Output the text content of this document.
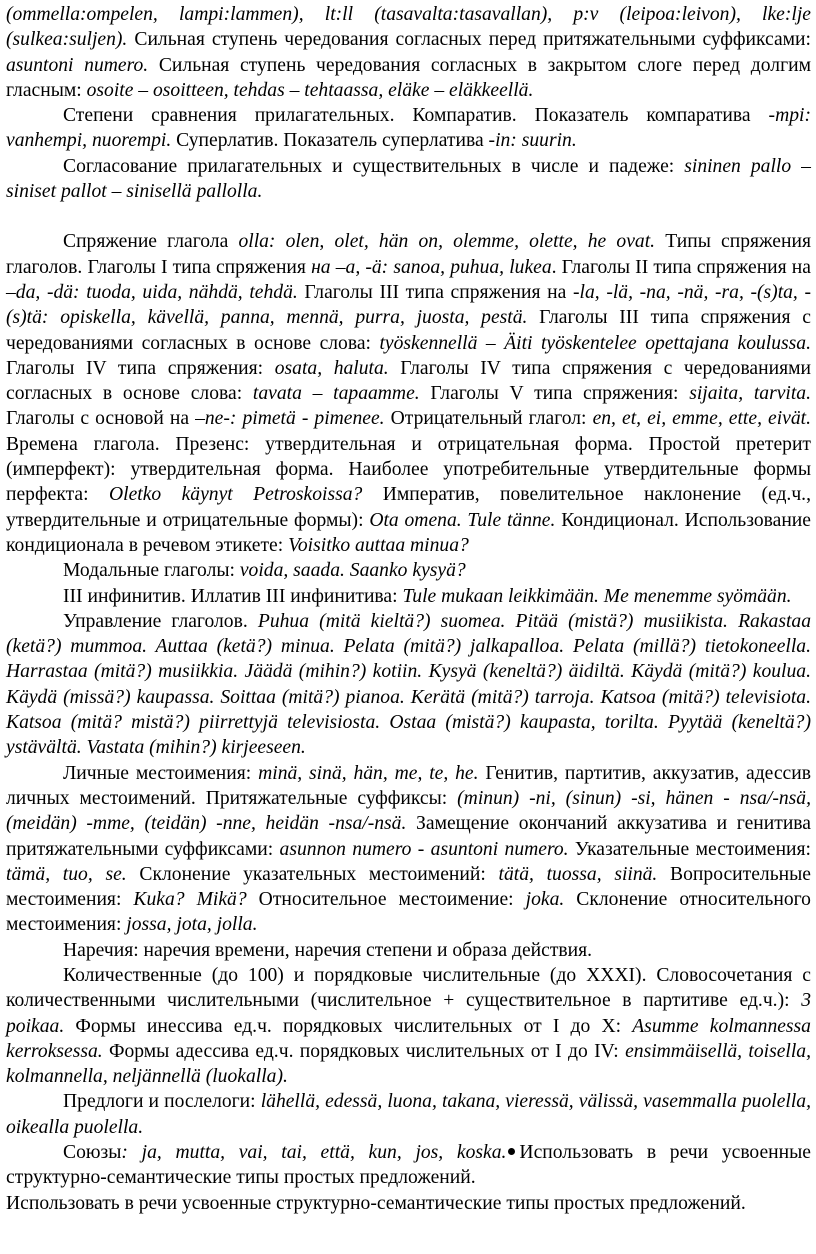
(ommella:ompelen, lampi:lammen), lt:ll (tasavalta:tasavallan), p:v (leipoa:leivon), lke:lje (sulkea:suljen). Сильная ступень чередования согласных перед притяжательными суффиксами: asuntoni numero. Сильная ступень чередования согласных в закрытом слоге перед долгим гласным: osoite – osoitteen, tehdas – tehtaassa, eläke – eläkkeellä.

Степени сравнения прилагательных. Компаратив. Показатель компаратива -mpi: vanhempi, nuorempi. Суперлатив. Показатель суперлатива -in: suurin.

Согласование прилагательных и существительных в числе и падеже: sininen pallo – siniset pallot – sinisellä pallolla.

Спряжение глагола olla: olen, olet, hän on, olemme, olette, he ovat. Типы спряжения глаголов. Глаголы I типа спряжения на –a, -ä: sanoa, puhua, lukea. Глаголы II типа спряжения на –da, -dä: tuoda, uida, nähdä, tehdä. Глаголы III типа спряжения на -la, -lä, -na, -nä, -ra, -(s)ta, -(s)tä: opiskella, kävellä, panna, mennä, purra, juosta, pestä. Глаголы III типа спряжения с чередованиями согласных в основе слова: työskennellä – Äiti työskentelee opettajana koulussa. Глаголы IV типа спряжения: osata, haluta. Глаголы IV типа спряжения с чередованиями согласных в основе слова: tavata – tapaamme. Глаголы V типа спряжения: sijaita, tarvita. Глаголы с основой на –ne-: pimetä - pimenee. Отрицательный глагол: en, et, ei, emme, ette, eivät. Времена глагола. Презенс: утвердительная и отрицательная форма. Простой претерит (имперфект): утвердительная форма. Наиболее употребительные утвердительные формы перфекта: Oletko käynyt Petroskoissa? Императив, повелительное наклонение (ед.ч., утвердительные и отрицательные формы): Ota omena. Tule tänne. Кондиционал. Использование кондиционала в речевом этикете: Voisitko auttaa minua?

Модальные глаголы: voida, saada. Saanko kysyä?

III инфинитив. Иллатив III инфинитива: Tule mukaan leikkimään. Me menemme syömään.

Управление глаголов. Puhua (mitä kieltä?) suomea. Pitää (mistä?) musiikista. Rakastaa (ketä?) mummoa. Auttaa (ketä?) minua. Pelata (mitä?) jalkapalloa. Pelata (millä?) tietokoneella. Harrastaa (mitä?) musiikkia. Jäädä (mihin?) kotiin. Kysyä (keneltä?) äidiltä. Käydä (mitä?) koulua. Käydä (missä?) kaupassa. Soittaa (mitä?) pianoa. Kerätä (mitä?) tarroja. Katsoa (mitä?) televisiota. Katsoa (mitä? mistä?) piirrettyjä televisiosta. Ostaa (mistä?) kaupasta, torilta. Pyytää (keneltä?) ystävältä. Vastata (mihin?) kirjeeseen.

Личные местоимения: minä, sinä, hän, me, te, he. Генитив, партитив, аккузатив, адессив личных местоимений. Притяжательные суффиксы: (minun) -ni, (sinun) -si, hänen - nsa/-nsä, (meidän) -mme, (teidän) -nne, heidän -nsa/-nsä. Замещение окончаний аккузатива и генитива притяжательными суффиксами: asunnon numero - asuntoni numero. Указательные местоимения: tämä, tuo, se. Склонение указательных местоимений: tätä, tuossa, siinä. Вопросительные местоимения: Kuka? Mikä? Относительное местоимение: joka. Склонение относительного местоимения: jossa, jota, jolla.

Наречия: наречия времени, наречия степени и образа действия.

Количественные (до 100) и порядковые числительные (до XXXI). Словосочетания с количественными числительными (числительное + существительное в партитиве ед.ч.): 3 poikaa. Формы инессива ед.ч. порядковых числительных от I до X: Asumme kolmannessa kerroksessa. Формы адессива ед.ч. порядковых числительных от I до IV: ensimmäisellä, toisella, kolmannella, neljännellä (luokalla).

Предлоги и послелоги: lähellä, edessä, luona, takana, vieressä, välissä, vasemmalla puolella, oikealla puolella.

Союзы: ja, mutta, vai, tai, että, kun, jos, koska. Использовать в речи усвоенные структурно-семантические типы простых предложений.

Использовать в речи усвоенные структурно-семантические типы простых предложений.
